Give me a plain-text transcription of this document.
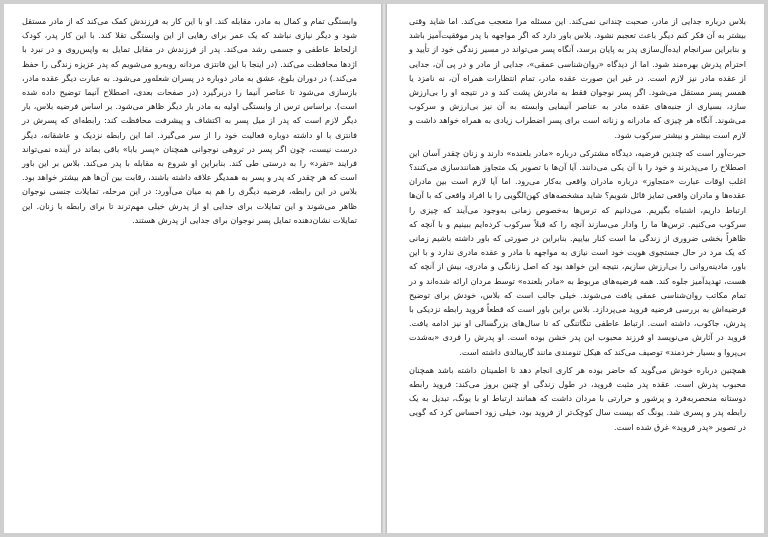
وابستگی تمام و کمال به مادر، مقابله کند. او با این کار به فرزندش کمک می‌کند که از مادر مستقل شود و دیگر نیازی نباشد که یک عمر برای رهایی از این وابستگی تقلا کند. با این کار پدر، کودک ازلحاظ عاطفی و جسمی رشد می‌کند. پدر از فرزندش در مقابل تمایل به واپس‌روی و در نبرد با اژدها محافظت می‌کند. (در اینجا با این فانتزی مردانه روبه‌رو می‌شویم که پدر عزیزه زندگی را حفظ می‌کند.) در دوران بلوغ، عشق به مادر دوباره در پسران شعله‌ور می‌شود. به عبارت دیگر عقده مادر، بازسازی می‌شود تا عناصر آنیما را دربرگیرد (در صفحات بعدی، اصطلاح آنیما توضیح داده شده است). براساس ترس از وابستگی اولیه به مادر بار دیگر ظاهر می‌شود. بر اساس فرضیه بلاس، بار دیگر لازم است که پدر از میل پسر به اکتشاف و پیشرفت محافظت کند: رابطه‌ای که پسرش در فانتزی با او داشته دوباره فعالیت خود را از سر می‌گیرد. اما این رابطه نزدیک و عاشقانه، دیگر درست نیست، چون اگر پسر در تروهی نوجوانی همچنان «پسر بابا» باقی بماند در آینده نمی‌تواند فرایند «تفرد» را به درستی طی کند. بنابراین او شروع به مقابله با پدر می‌کند. بلاس بر این باور است که هر چقدر که پدر و پسر به همدیگر علاقه داشته باشند، رقابت بین آن‌ها هم بیشتر خواهد بود. بلاس در این رابطه، فرضیه دیگری را هم به میان می‌آورد: در این مرحله، تمایلات جنسی نوجوان ظاهر می‌شوند و این تمایلات برای جدایی او از پدرش خیلی مهم‌ترند تا برای رابطه با زنان. این تمایلات نشان‌دهنده تمایل پسر نوجوان برای جدایی از پدرش هستند.

بلاس درباره جدایی از مادر، صحبت چندانی نمی‌کند. این مسئله مرا متعجب می‌کند. اما شاید وقتی بیشتر به آن فکر کنم دیگر باعث تعجبم نشود. بلاس باور دارد که اگر مواجهه با پدر موفقیت‌آمیز باشد و بنابراین سرانجام ایده‌آل‌سازی پدر به پایان برسد، آنگاه پسر می‌تواند در مسیر زندگی خود از تأیید و احترام پدرش بهره‌مند شود. اما از دیدگاه «روان‌شناسی عمقی»، جدایی از مادر و در پی آن، جدایی از عقده مادر نیز لازم است. در غیر این صورت عقده مادر، تمام انتظارات همراه آن، نه نامزد یا همسر پسر مستقل می‌شود. اگر پسر نوجوان فقط به مادرش پشت کند و در نتیجه او را بی‌ارزش سازد، بسیاری از جنبه‌های عقده مادر به عناصر آنیمایی وابسته به آن نیز بی‌ارزش و سرکوب می‌شوند. آنگاه هر چیزی که مادرانه و زنانه است برای پسر اضطراب زیادی به همراه خواهد داشت و لازم است بیشتر و بیشتر سرکوب شود.

حیرت‌آور است که چندین فرضیه، دیدگاه مشترکی درباره «مادر بلعنده» دارند و زنان چقدر آسان این اصطلاح را می‌پذیرند و خود را با آن یکی می‌دانند. آیا آن‌ها با تصویر یک متجاوز همانندسازی می‌کنند؟ اغلب اوقات عبارت «متجاوز» درباره مادران واقعی به‌کار می‌رود. اما آیا لازم است بین مادران عقده‌ها و مادران واقعی تمایز قائل شویم؟ شاید مشخصه‌های کهن‌الگویی را با افراد واقعی که با آن‌ها ارتباط داریم، اشتباه بگیریم. می‌دانیم که ترس‌ها به‌خصوص زمانی به‌وجود می‌آیند که چیزی را سرکوب می‌کنیم. ترس‌ها ما را وادار می‌سازند آنچه را که قبلاً سرکوب کرده‌ایم ببینیم و با آنچه که ظاهراً بخشی ضروری از زندگی ما است کنار بیاییم. بنابراین در صورتی که باور داشته باشیم زمانی که یک مرد در حال جستجوی هویت خود است نیازی به مواجهه با مادر و عقده مادری ندارد و با این باور، مادینه‌روانی را بی‌ارزش سازیم، نتیجه این خواهد بود که اصل زنانگی و مادری، بیش از آنچه که هست، تهدیدآمیز جلوه کند. همه فرضیه‌های مربوط به «مادر بلعنده» توسط مردان ارائه شده‌اند و در تمام مکاتب روان‌شناسی عمقی یافت می‌شوند. خیلی جالب است که بلاس، خودش برای توضیح فرضیه‌اش به بررسی فرضیه فروید می‌پردازد. بلاس براین باور است که قطعاً فروید رابطه نزدیکی با پدرش، جاکوب، داشته است. ارتباط عاطفی تنگاتنگی که تا سال‌های بزرگسالی او نیز ادامه یافت. فروید در آثارش می‌نویسد او فرزند محبوب این پدر خشن بوده است. او پدرش را فردی «به‌شدت بی‌پروا و بسیار خردمند» توصیف می‌کند که هیکل تنومندی مانند گاریبالدی داشته است.

همچنین درباره خودش می‌گوید که حاضر بوده هر کاری انجام دهد تا اطمینان داشته باشد همچنان محبوب پدرش است. عقده پدر مثبت فروید، در طول زندگی او چنین بروز می‌کند: فروید رابطه دوستانه منحصربه‌فرد و پرشور و حرارتی با مردان داشت که همانند ارتباط او با یونگ، تبدیل به یک رابطه پدر و پسری شد. یونگ که بیست سال کوچک‌تر از فروید بود، خیلی زود احساس کرد که گویی در تصویر «پدر فروید» غرق شده است.
